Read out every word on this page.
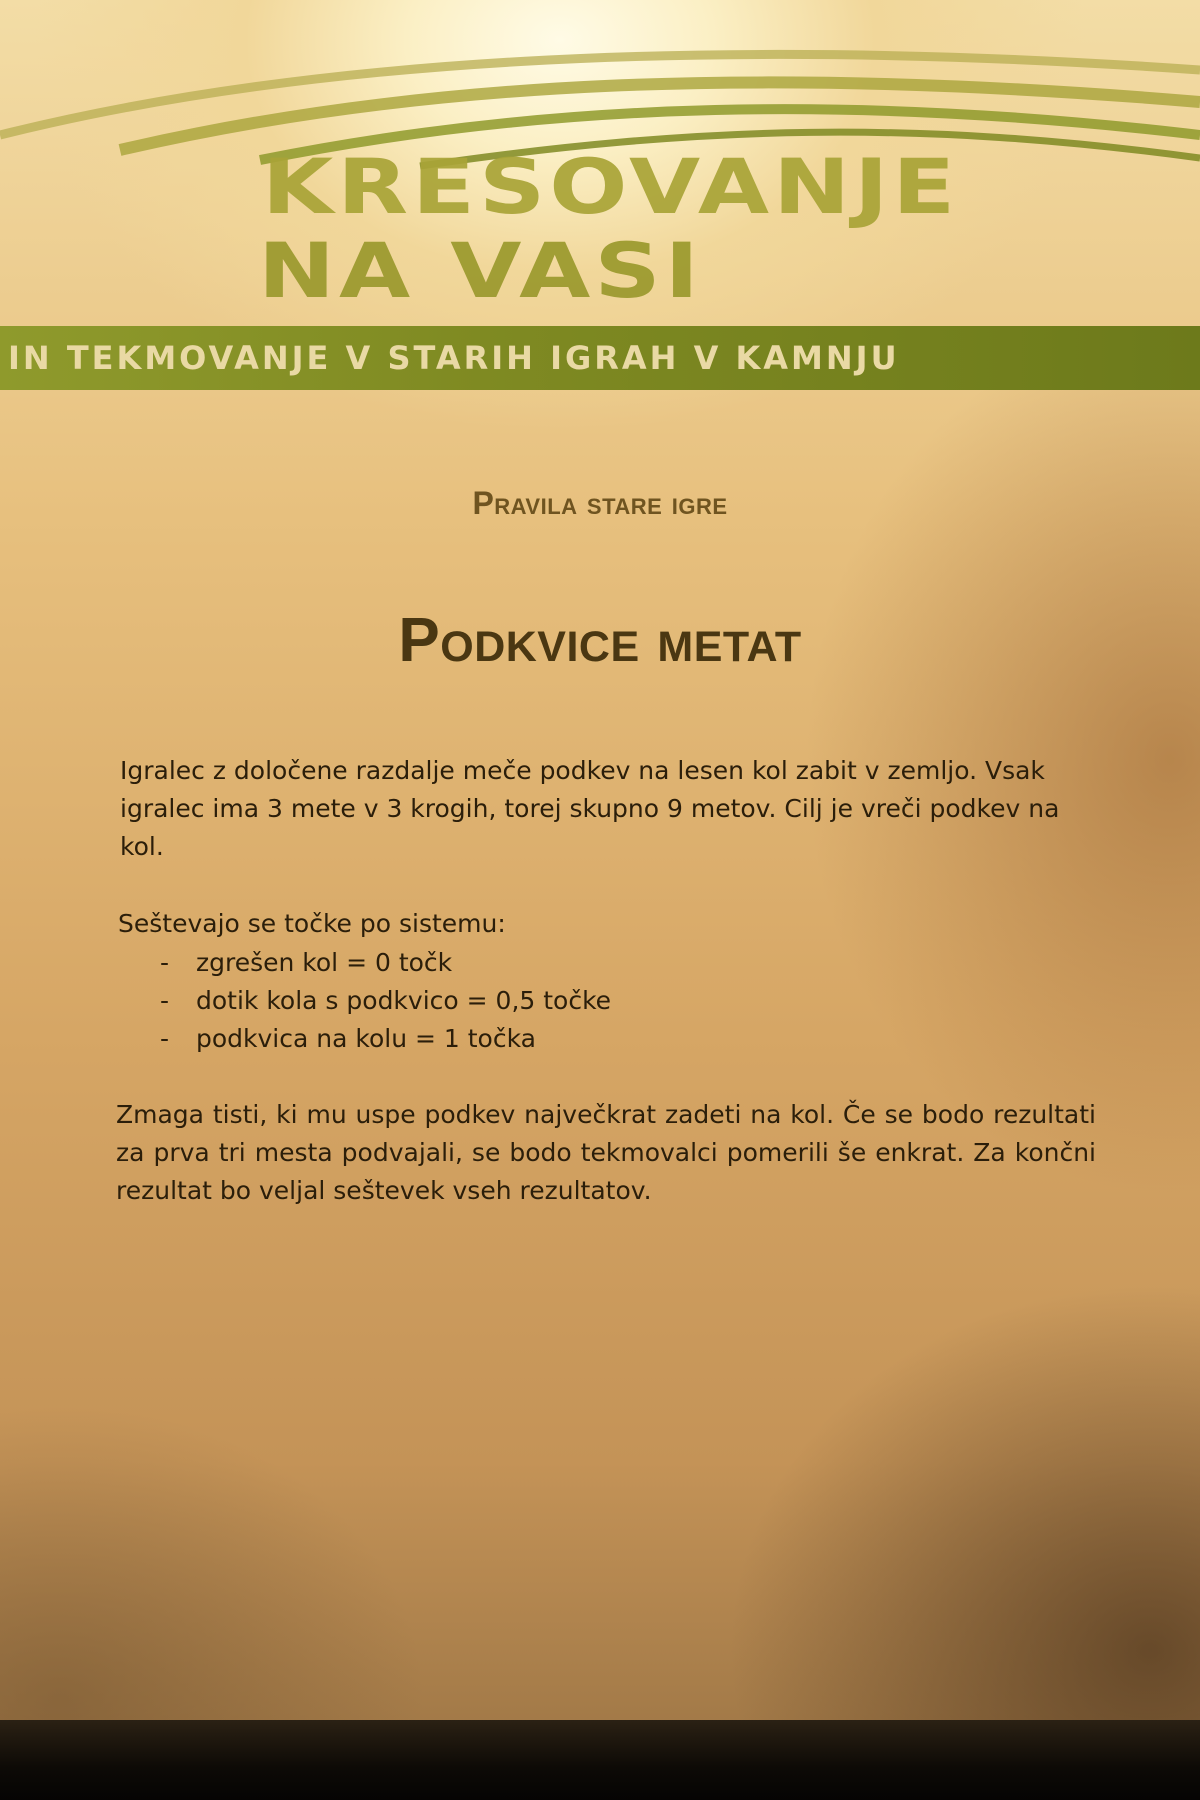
KRESOVANJE
NA VASI
IN TEKMOVANJE V STARIH IGRAH V KAMNJU
Pravila stare igre
Podkvice metat
Igralec z določene razdalje meče podkev na lesen kol zabit v zemljo. Vsak igralec ima 3 mete v 3 krogih, torej skupno 9 metov. Cilj je vreči podkev na kol.
Seštevajo se točke po sistemu:
- zgrešen kol = 0 točk
- dotik kola s podkvico = 0,5 točke
- podkvica na kolu = 1 točka
Zmaga tisti, ki mu uspe podkev največkrat zadeti na kol. Če se bodo rezultati za prva tri mesta podvajali, se bodo tekmovalci pomerili še enkrat. Za končni rezultat bo veljal seštevek vseh rezultatov.
